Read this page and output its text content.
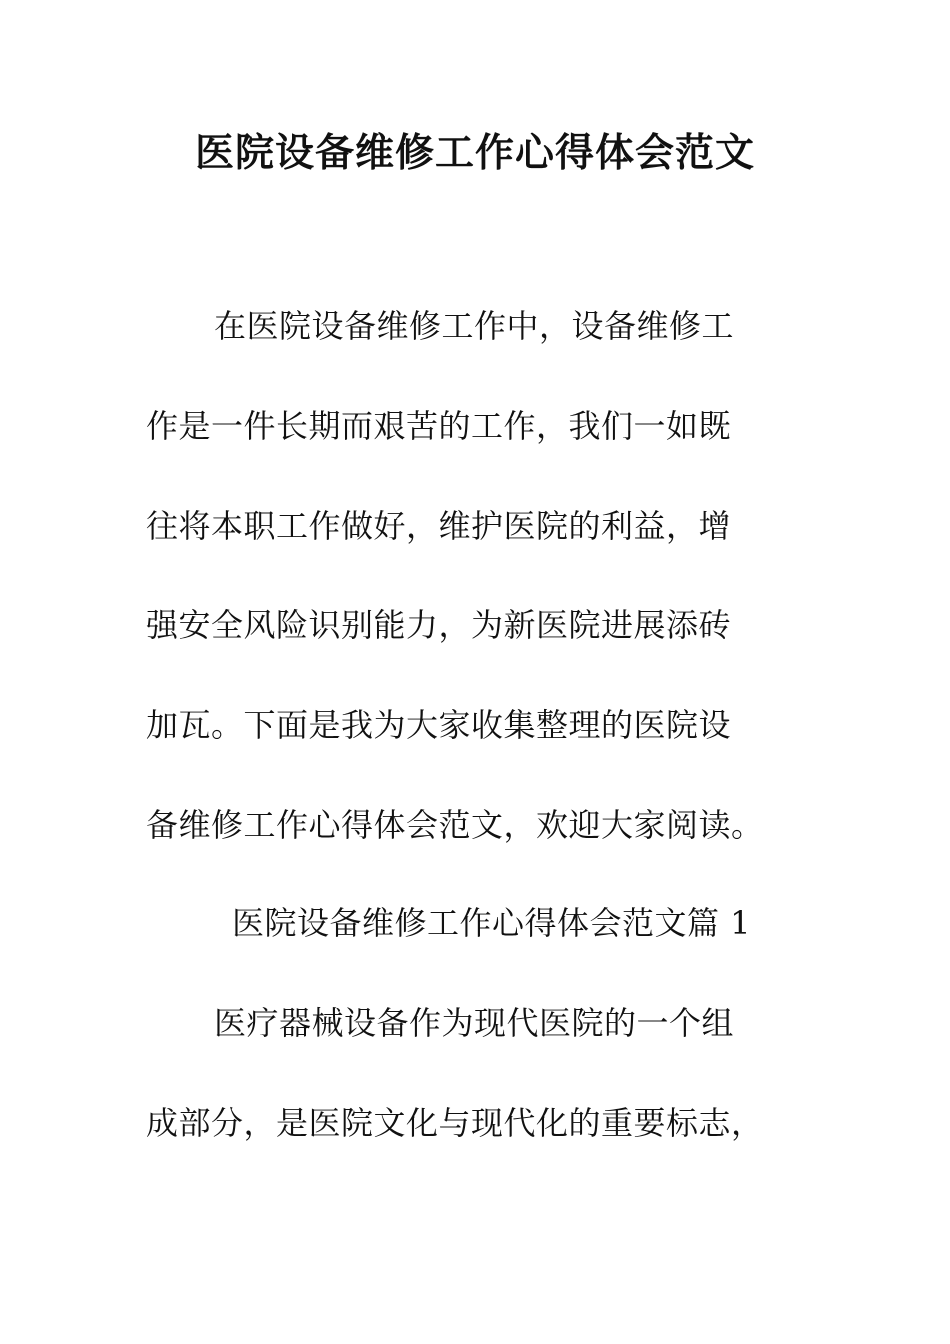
医院设备维修工作心得体会范文
在医院设备维修工作中，设备维修工
作是一件长期而艰苦的工作，我们一如既
往将本职工作做好，维护医院的利益，增
强安全风险识别能力，为新医院进展添砖
加瓦。下面是我为大家收集整理的医院设
备维修工作心得体会范文，欢迎大家阅读。
医院设备维修工作心得体会范文篇 1
医疗器械设备作为现代医院的一个组
成部分，是医院文化与现代化的重要标志，
